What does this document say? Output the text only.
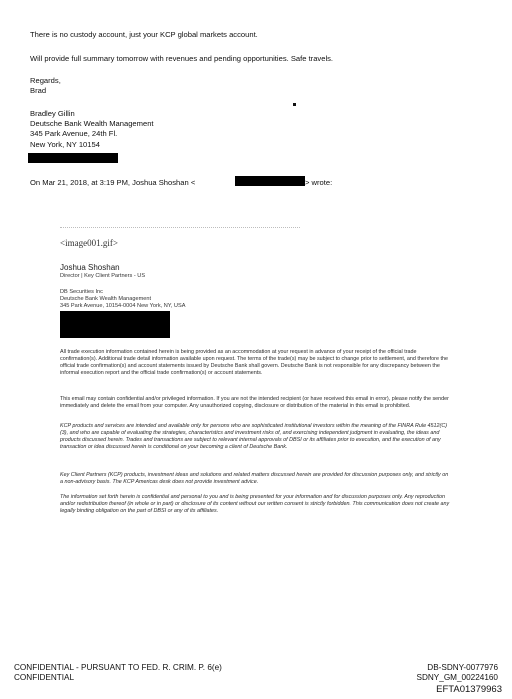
There is no custody account, just your KCP global markets account.
Will provide full summary tomorrow with revenues and pending opportunities. Safe travels.
Regards,
Brad
Bradley Gillin
Deutsche Bank Wealth Management
345 Park Avenue, 24th Fl.
New York, NY 10154
On Mar 21, 2018, at 3:19 PM, Joshua Shoshan <	> wrote:
<image001.gif>
Joshua Shoshan
Director | Key Client Partners - US
DB Securities Inc
Deutsche Bank Wealth Management
345 Park Avenue, 10154-0004 New York, NY, USA

All trade execution information contained herein is being provided as an accommodation at your request in advance of your receipt of the official trade confirmation(s). Additional trade detail information available upon request. The terms of the trade(s) may be subject to change prior to settlement, and therefore the official trade confirmation(s) and account statements issued by Deutsche Bank shall govern. Deutsche Bank is not responsible for any discrepancy between the informal execution report and the official trade confirmation(s) or account statements.

This email may contain confidential and/or privileged information. If you are not the intended recipient (or have received this email in error), please notify the sender immediately and delete the email from your computer. Any unauthorized copying, disclosure or distribution of the material in this email is prohibited.

KCP products and services are intended and available only for persons who are sophisticated institutional investors within the meaning of the FINRA Rule 4512(C)(3), and who are capable of evaluating the strategies, characteristics and investment risks of, and exercising independent judgment in evaluating, the ideas and products discussed herein. Trades and transactions are subject to relevant internal approvals of DBSI or its affiliates prior to execution, and the execution of any transaction or idea discussed herein is conditional on your becoming a client of Deutsche Bank.

Key Client Partners (KCP) products, investment ideas and solutions and related matters discussed herein are provided for discussion purposes only, and strictly on a non-advisory basis. The KCP Americas desk does not provide investment advice.

The information set forth herein is confidential and personal to you and is being presented for your information and for discussion purposes only. Any reproduction and/or redistribution thereof (in whole or in part) or disclosure of its content without our written consent is strictly forbidden. This communication does not create any legally binding obligation on the part of DBSI or any of its affiliates.

CONFIDENTIAL - PURSUANT TO FED. R. CRIM. P. 6(e)
CONFIDENTIAL
DB-SDNY-0077976
SDNY_GM_00224160
EFTA01379963
